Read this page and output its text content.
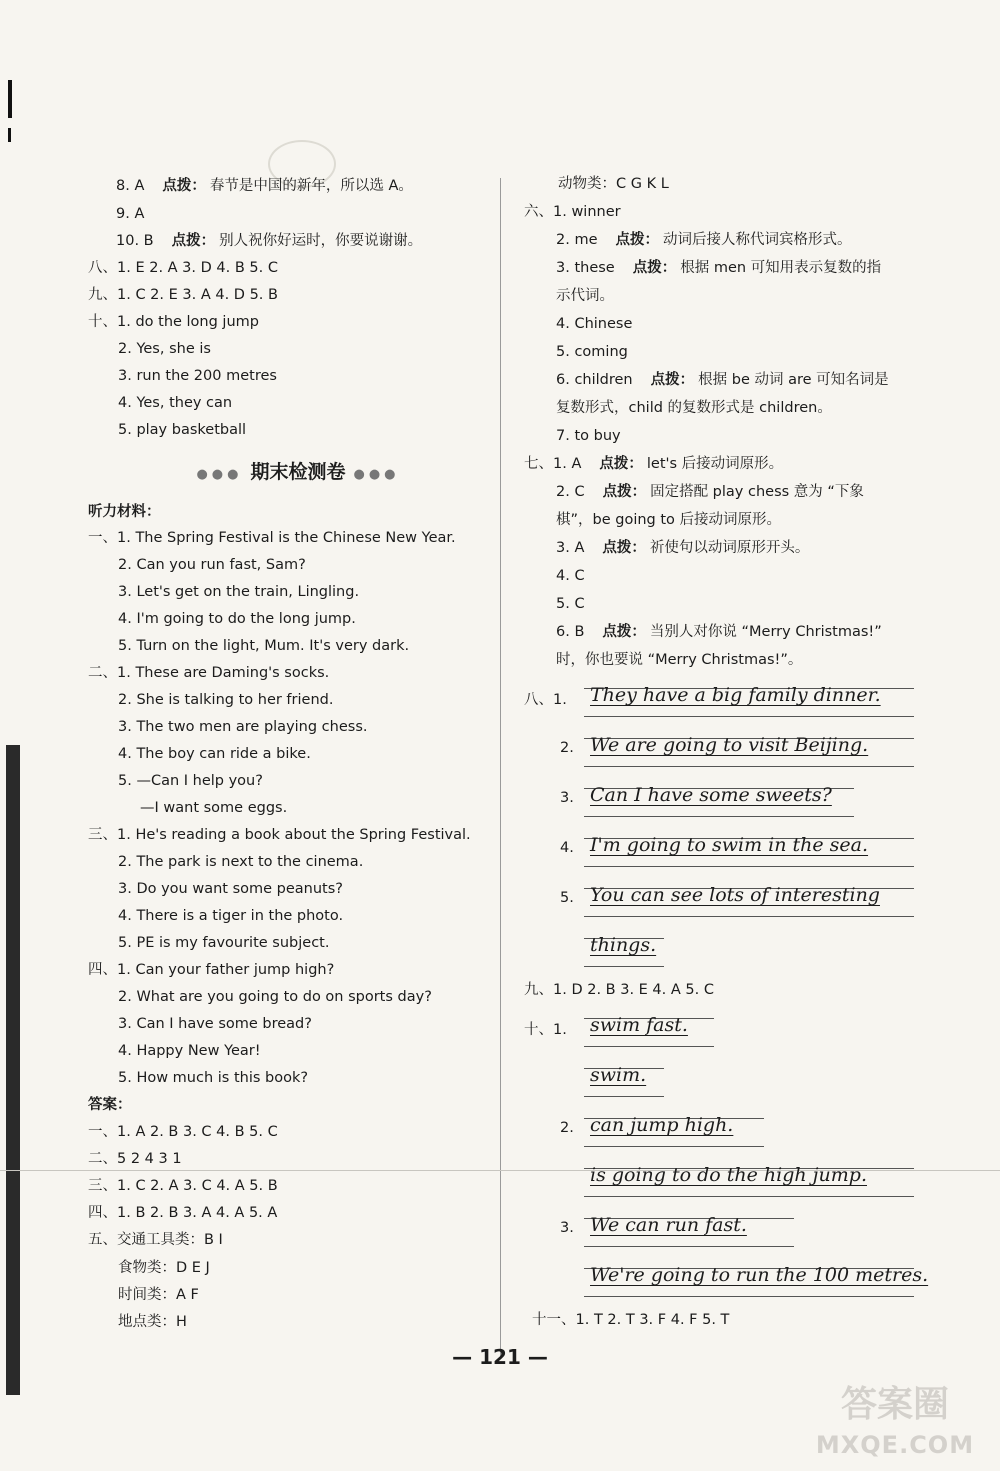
8. A 点拨： 春节是中国的新年，所以选 A。
9. A
10. B 点拨： 别人祝你好运时，你要说谢谢。
八、1. E 2. A 3. D 4. B 5. C
九、1. C 2. E 3. A 4. D 5. B
十、1. do the long jump
2. Yes, she is
3. run the 200 metres
4. Yes, they can
5. play basketball
●●● 期末检测卷 ●●●
听力材料：
一、1. The Spring Festival is the Chinese New Year.
2. Can you run fast, Sam?
3. Let's get on the train, Lingling.
4. I'm going to do the long jump.
5. Turn on the light, Mum. It's very dark.
二、1. These are Daming's socks.
2. She is talking to her friend.
3. The two men are playing chess.
4. The boy can ride a bike.
5. —Can I help you?
—I want some eggs.
三、1. He's reading a book about the Spring Festival.
2. The park is next to the cinema.
3. Do you want some peanuts?
4. There is a tiger in the photo.
5. PE is my favourite subject.
四、1. Can your father jump high?
2. What are you going to do on sports day?
3. Can I have some bread?
4. Happy New Year!
5. How much is this book?
答案：
一、1. A 2. B 3. C 4. B 5. C
二、5 2 4 3 1
三、1. C 2. A 3. C 4. A 5. B
四、1. B 2. B 3. A 4. A 5. A
五、交通工具类：B I
食物类：D E J
时间类：A F
地点类：H
动物类：C G K L
六、1. winner
2. me 点拨： 动词后接人称代词宾格形式。
3. these 点拨： 根据 men 可知用表示复数的指
示代词。
4. Chinese
5. coming
6. children 点拨： 根据 be 动词 are 可知名词是
复数形式，child 的复数形式是 children。
7. to buy
七、1. A 点拨： let's 后接动词原形。
2. C 点拨： 固定搭配 play chess 意为 “下象
棋”，be going to 后接动词原形。
3. A 点拨： 祈使句以动词原形开头。
4. C
5. C
6. B 点拨： 当别人对你说 “Merry Christmas!”
时，你也要说 “Merry Christmas!”。
八、1. They have a big family dinner.
2. We are going to visit Beijing.
3. Can I have some sweets?
4. I'm going to swim in the sea.
5. You can see lots of interesting
things.
九、1. D 2. B 3. E 4. A 5. C
十、1. swim fast.
swim.
2. can jump high.
is going to do the high jump.
3. We can run fast.
We're going to run the 100 metres.
十一、1. T 2. T 3. F 4. F 5. T
— 121 —
答案圈
MXQE.COM
